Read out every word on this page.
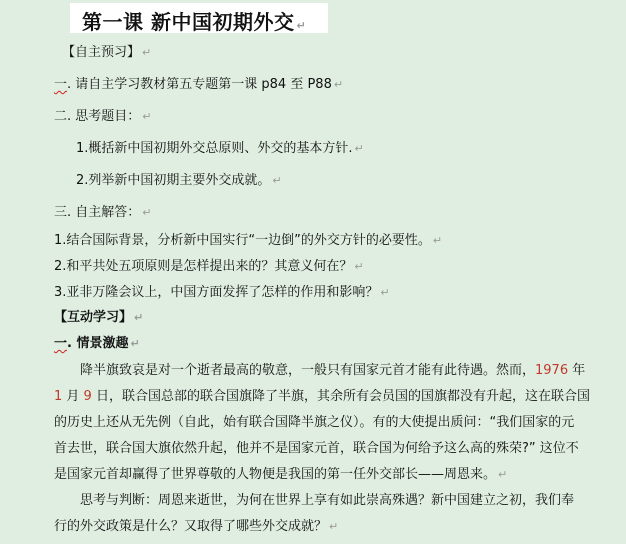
第一课 新中国初期外交 ↵
【自主预习】 ↵
一. 请自主学习教材第五专题第一课 p84 至 P88 ↵
二. 思考题目： ↵
1.概括新中国初期外交总原则、外交的基本方针. ↵
2.列举新中国初期主要外交成就。 ↵
三. 自主解答： ↵
1.结合国际背景，分析新中国实行“一边倒”的外交方针的必要性。 ↵
2.和平共处五项原则是怎样提出来的？其意义何在？ ↵
3.亚非万隆会议上，中国方面发挥了怎样的作用和影响？ ↵
【互动学习】 ↵
一. 情景激趣 ↵
降半旗致哀是对一个逝者最高的敬意，一般只有国家元首才能有此待遇。然而，1976 年
1 月 9 日，联合国总部的联合国旗降了半旗，其余所有会员国的国旗都没有升起，这在联合国
的历史上还从无先例（自此，始有联合国降半旗之仪）。有的大使提出质问：“我们国家的元
首去世，联合国大旗依然升起，他并不是国家元首，联合国为何给予这么高的殊荣?” 这位不
是国家元首却赢得了世界尊敬的人物便是我国的第一任外交部长——周恩来。 ↵
思考与判断：周恩来逝世，为何在世界上享有如此崇高殊遇？新中国建立之初，我们奉
行的外交政策是什么？又取得了哪些外交成就？ ↵
